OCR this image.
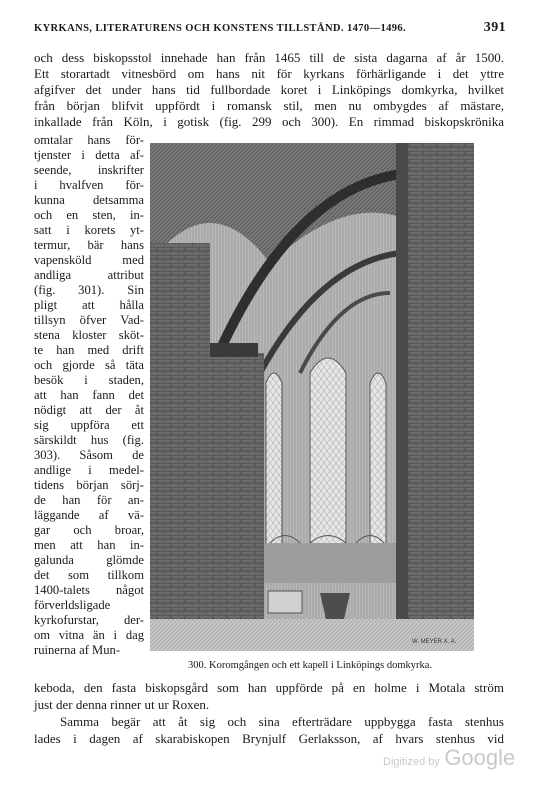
KYRKANS, LITERATURENS OCH KONSTENS TILLSTÅND. 1470—1496.	391
och dess biskopsstol innehade han från 1465 till de sista dagarna af år 1500.
Ett storartadt vitnesbörd om hans nit för kyrkans förhärligande i det yttre
afgifver det under hans tid fullbordade koret i Linköpings domkyrka, hvilket
från början blifvit uppfördt i romansk stil, men nu ombygdes af mästare,
inkallade från Köln, i gotisk (fig. 299 och 300). En rimmad biskopskrönika
omtalar hans för-
tjenster i detta af-
seende, inskrifter
i hvalfven för-
kunna detsamma
och en sten, in-
satt i korets yt-
termur, bär hans
vapensköld med
andliga attribut
(fig. 301). Sin
pligt att hålla
tillsyn öfver Vad-
stena kloster sköt-
te han med drift
och gjorde så täta
besök i staden,
att han fann det
nödigt att der åt
sig uppföra ett
särskildt hus (fig.
303). Såsom de
andlige i medel-
tidens början sörj-
de han för an-
läggande af vä-
gar och broar,
men att han in-
galunda glömde
det som tillkom
1400-talets något
förverldsligade
kyrkofurstar, der-
om vitna än i dag
ruinerna af Mun-
W. MEYER X. A.
300. Koromgången och ett kapell i Linköpings domkyrka.
keboda, den fasta biskopsgård som han uppförde på en holme i Motala ström
just der denna rinner ut ur Roxen.
Samma begär att åt sig och sina efterträdare uppbygga fasta stenhus
lades i dagen af skarabiskopen Brynjulf Gerlaksson, af hvars stenhus vid
Digitized by Google
